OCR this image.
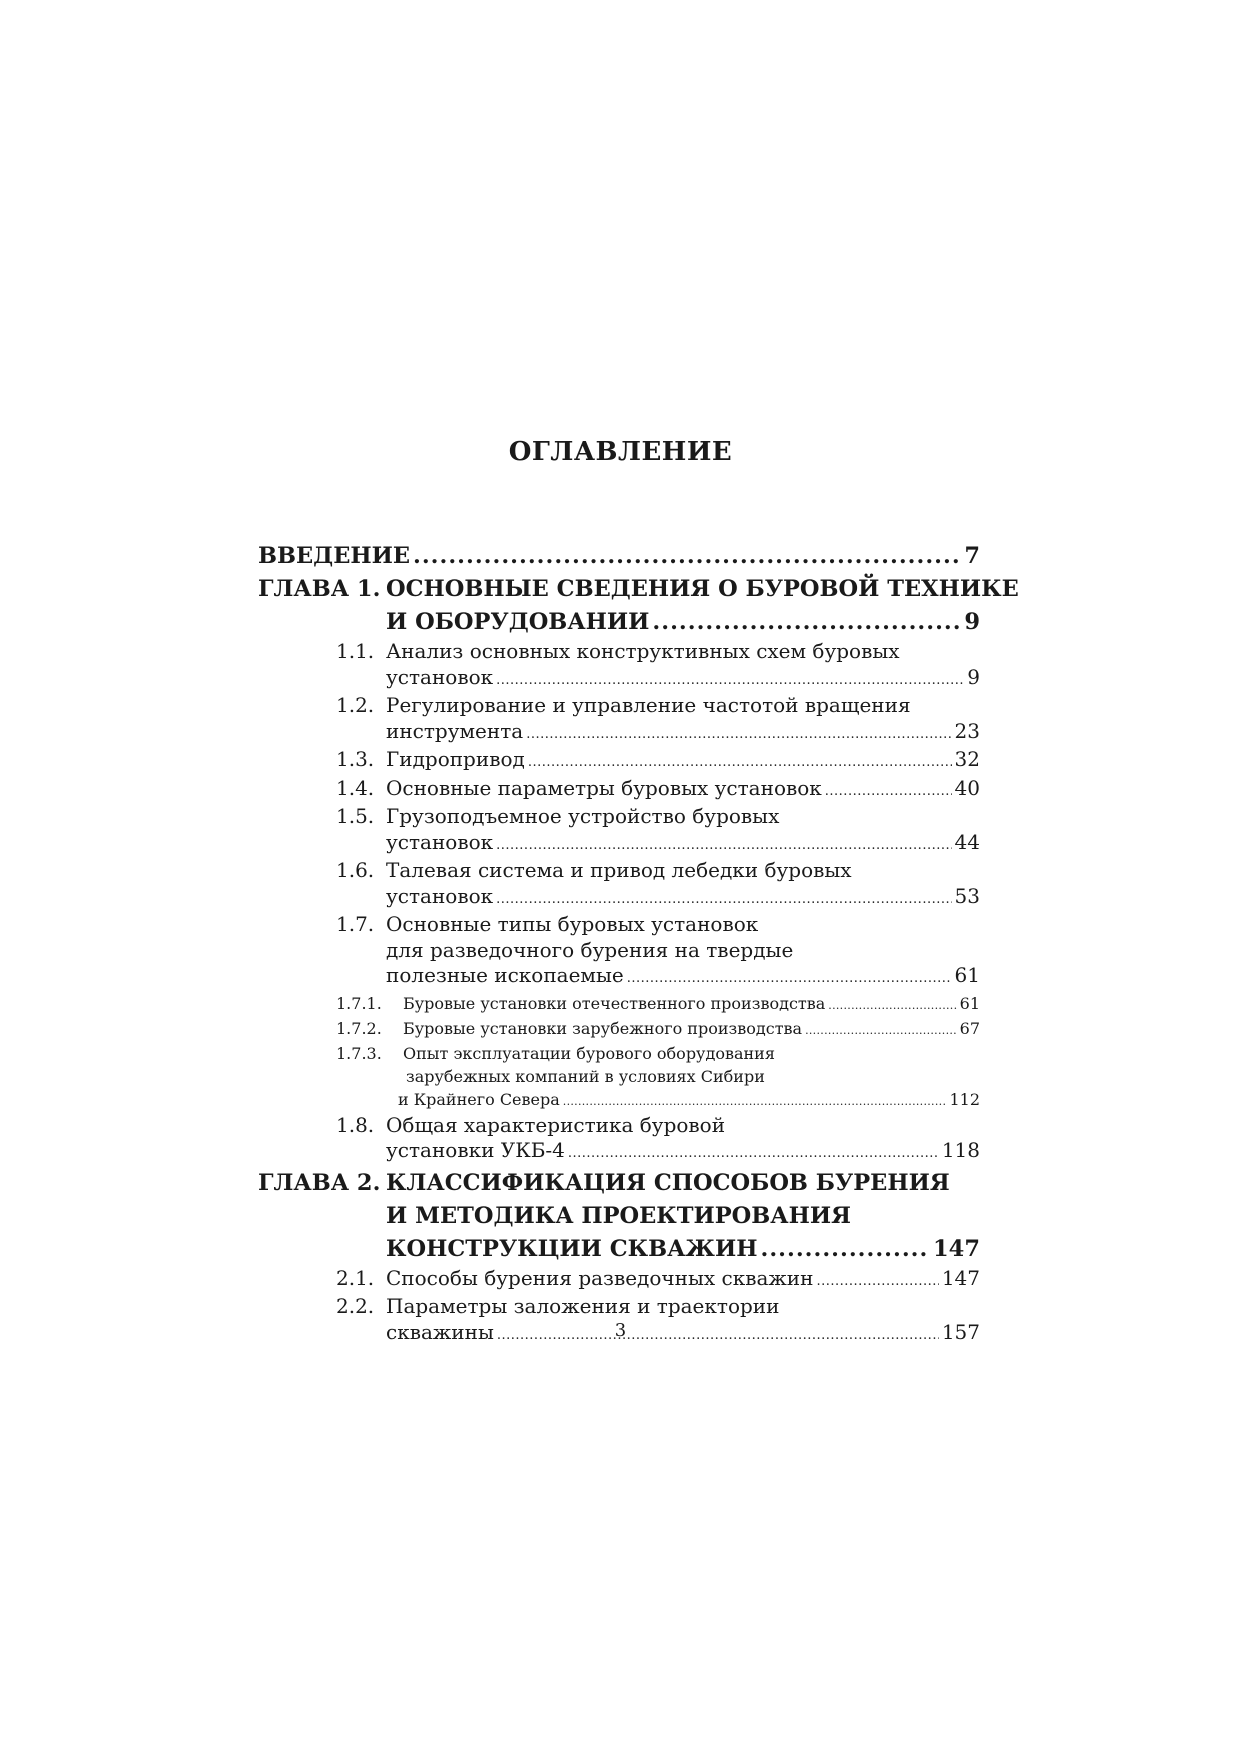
ОГЛАВЛЕНИЕ
ВВЕДЕНИЕ .....	7
ГЛАВА 1. ОСНОВНЫЕ СВЕДЕНИЯ О БУРОВОЙ ТЕХНИКЕ
И ОБОРУДОВАНИИ .....	9
1.1. Анализ основных конструктивных схем буровых
установок .....	9
1.2. Регулирование и управление частотой вращения
инструмента .....	23
1.3. Гидропривод .....	32
1.4. Основные параметры буровых установок .....	40
1.5. Грузоподъемное устройство буровых
установок .....	44
1.6. Талевая система и привод лебедки буровых
установок .....	53
1.7. Основные типы буровых установок
для разведочного бурения на твердые
полезные ископаемые .....	61
1.7.1. Буровые установки отечественного производства .....	61
1.7.2. Буровые установки зарубежного производства .....	67
1.7.3. Опыт эксплуатации бурового оборудования
зарубежных компаний в условиях Сибири
и Крайнего Севера .....	112
1.8. Общая характеристика буровой
установки УКБ-4 .....	118
ГЛАВА 2. КЛАССИФИКАЦИЯ СПОСОБОВ БУРЕНИЯ
И МЕТОДИКА ПРОЕКТИРОВАНИЯ
КОНСТРУКЦИИ СКВАЖИН .....	147
2.1. Способы бурения разведочных скважин .....	147
2.2. Параметры заложения и траектории
скважины .....	157
3
